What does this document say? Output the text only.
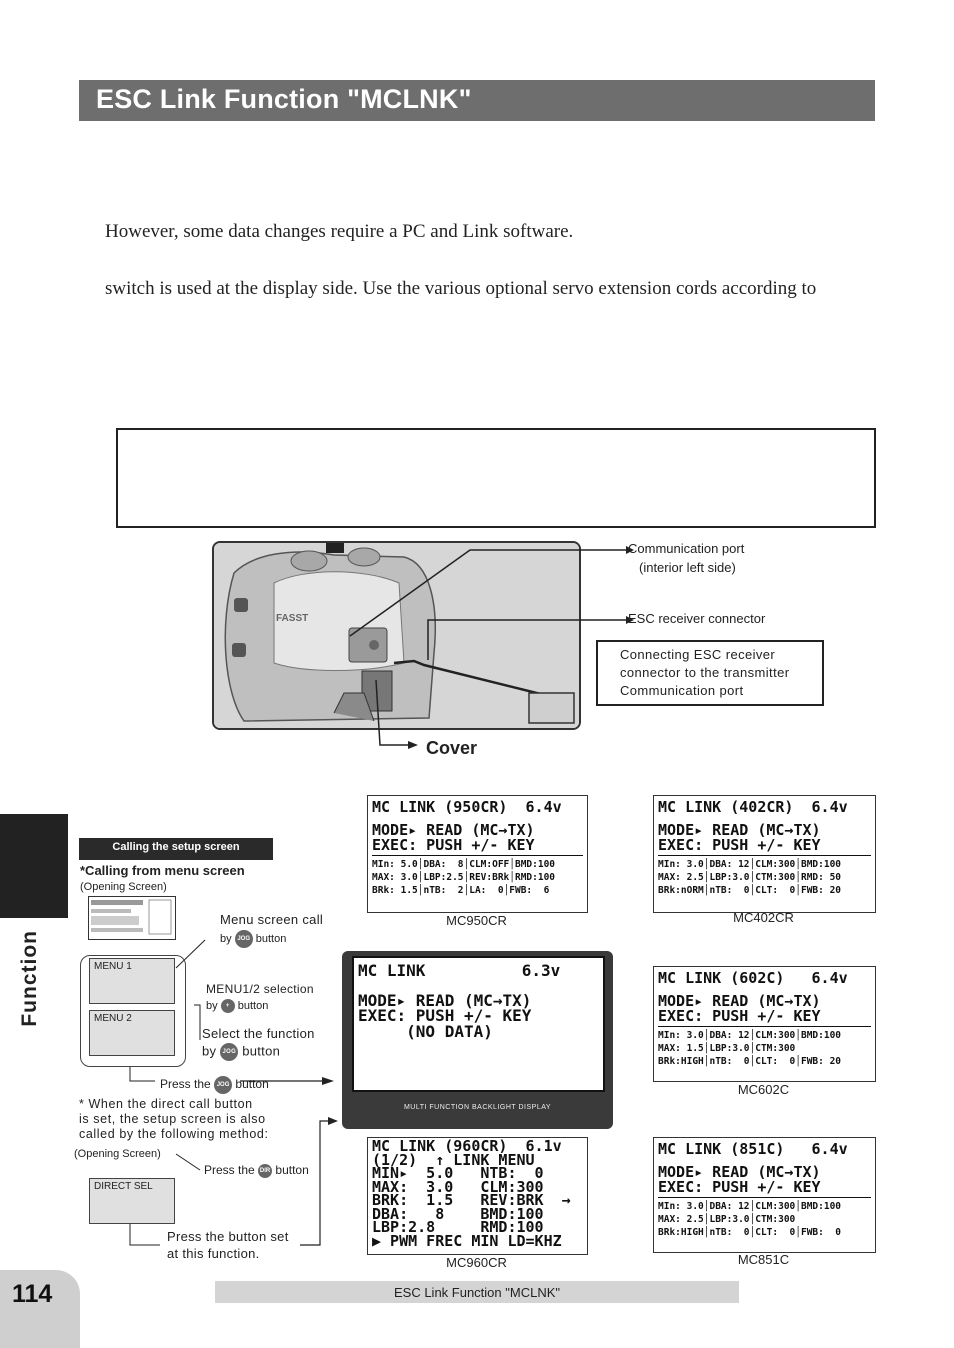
ESC Link Function "MCLNK"
However, some data changes require a PC and Link software.
switch is used at the display side. Use the various optional servo extension cords according to
FASST
Communication port
(interior left side)
ESC receiver connector
Connecting ESC receiver
connector to the transmitter
Communication port
Cover
Function
Calling the setup screen
*Calling from menu screen
(Opening Screen)
Menu screen call
by JOG button
MENU 1
MENU 2
MENU1/2 selection
by + button
Select the function
by JOG button
Press the JOG button
* When the direct call button
is set, the setup screen is also
called by the following method:
(Opening Screen)
Press the DIR button
DIRECT SEL
Press the button set
at this function.
MC LINK (950CR)  6.4v
MODE▸ READ (MC→TX)
EXEC: PUSH +/- KEY
MIn: 5.0│DBA:  8│CLM:OFF│BMD:100
MAX: 3.0│LBP:2.5│REV:BRk│RMD:100
BRk: 1.5│nTB:  2│LA:  0│FWB:  6
MC950CR
MC LINK (402CR)  6.4v
MODE▸ READ (MC→TX)
EXEC: PUSH +/- KEY
MIn: 3.0│DBA: 12│CLM:300│BMD:100
MAX: 2.5│LBP:3.0│CTM:300│RMD: 50
BRk:nORM│nTB:  0│CLT:  0│FWB: 20
MC402CR
MC LINK          6.3v
MODE▸ READ (MC→TX)
EXEC: PUSH +/- KEY
(NO DATA)
MULTI FUNCTION BACKLIGHT DISPLAY
MC LINK (602C)   6.4v
MODE▸ READ (MC→TX)
EXEC: PUSH +/- KEY
MIn: 3.0│DBA: 12│CLM:300│BMD:100
MAX: 1.5│LBP:3.0│CTM:300
BRk:HIGH│nTB:  0│CLT:  0│FWB: 20
MC602C
MC LINK (960CR)  6.1v
(1/2)  ↑ LINK MENU
MIN▸  5.0   NTB:  0
MAX:  3.0   CLM:300
BRK:  1.5   REV:BRK  →
DBA:   8    BMD:100
LBP:2.8     RMD:100
▶ PWM FREC MIN LD=KHZ
MC960CR
MC LINK (851C)   6.4v
MODE▸ READ (MC→TX)
EXEC: PUSH +/- KEY
MIn: 3.0│DBA: 12│CLM:300│BMD:100
MAX: 2.5│LBP:3.0│CTM:300
BRk:HIGH│nTB:  0│CLT:  0│FWB:  0
MC851C
114	ESC Link Function "MCLNK"
